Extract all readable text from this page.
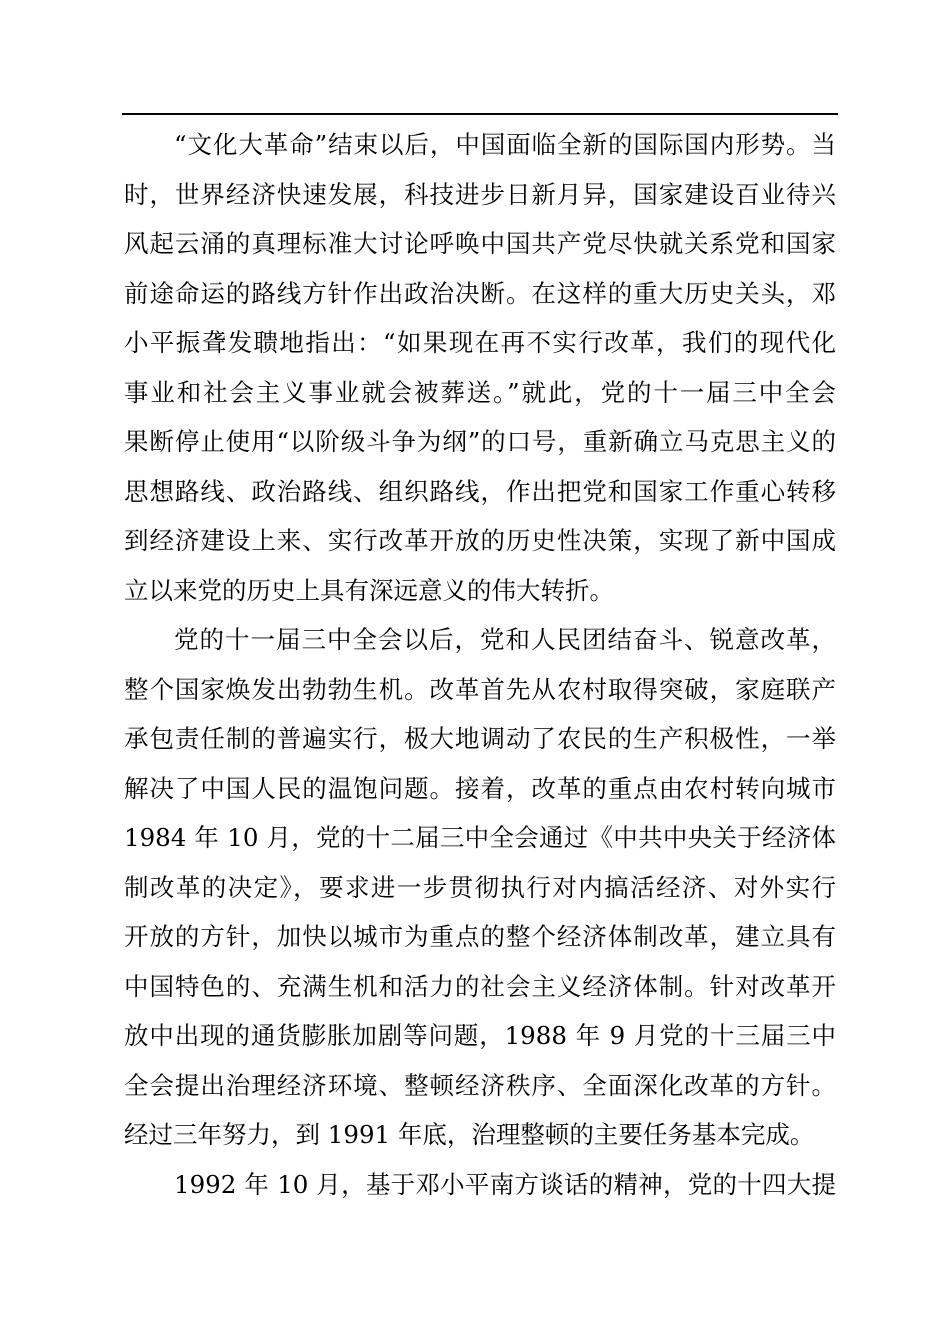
“文化大革命”结束以后，中国面临全新的国际国内形势。当
时，世界经济快速发展，科技进步日新月异，国家建设百业待兴
风起云涌的真理标准大讨论呼唤中国共产党尽快就关系党和国家
前途命运的路线方针作出政治决断。在这样的重大历史关头，邓
小平振聋发聩地指出：“如果现在再不实行改革，我们的现代化
事业和社会主义事业就会被葬送。”就此，党的十一届三中全会
果断停止使用“以阶级斗争为纲”的口号，重新确立马克思主义的
思想路线、政治路线、组织路线，作出把党和国家工作重心转移
到经济建设上来、实行改革开放的历史性决策，实现了新中国成
立以来党的历史上具有深远意义的伟大转折。
党的十一届三中全会以后，党和人民团结奋斗、锐意改革，
整个国家焕发出勃勃生机。改革首先从农村取得突破，家庭联产
承包责任制的普遍实行，极大地调动了农民的生产积极性，一举
解决了中国人民的温饱问题。接着，改革的重点由农村转向城市
1984 年 10 月，党的十二届三中全会通过《中共中央关于经济体
制改革的决定》，要求进一步贯彻执行对内搞活经济、对外实行
开放的方针，加快以城市为重点的整个经济体制改革，建立具有
中国特色的、充满生机和活力的社会主义经济体制。针对改革开
放中出现的通货膨胀加剧等问题，1988 年 9 月党的十三届三中
全会提出治理经济环境、整顿经济秩序、全面深化改革的方针。
经过三年努力，到 1991 年底，治理整顿的主要任务基本完成。
1992 年 10 月，基于邓小平南方谈话的精神，党的十四大提
